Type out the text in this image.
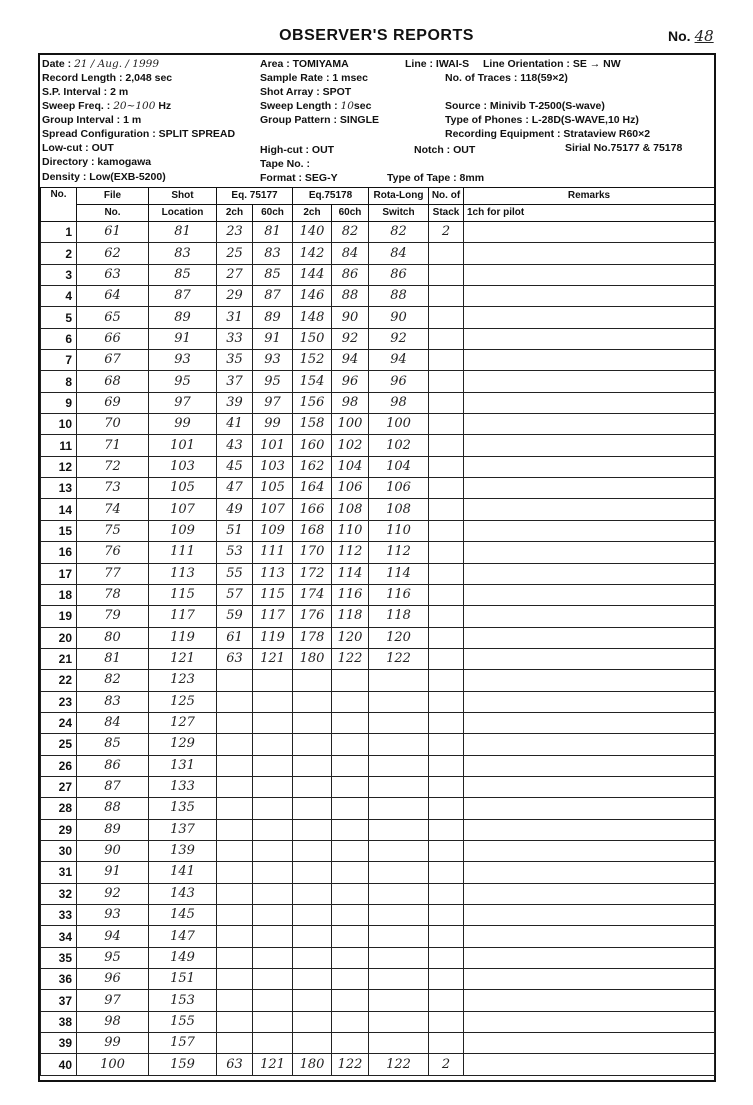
OBSERVER'S REPORTS	No. 48
Date : 21 / Aug. / 1999
Record Length : 2,048 sec
S.P. Interval : 2 m
Sweep Freq. : 20~100 Hz
Group Interval : 1 m
Spread Configuration : SPLIT SPREAD
Low-cut : OUT
Directory : kamogawa
Density : Low(EXB-5200)
Area : TOMIYAMA	Line : IWAI-S Line Orientation : SE → NW
Sample Rate : 1 msec	No. of Traces : 118(59×2)
Shot Array : SPOT
Sweep Length : 10sec	Source : Minivib T-2500(S-wave)
Group Pattern : SINGLE	Type of Phones : L-28D(S-WAVE,10 Hz)
Recording Equipment : Strataview R60×2
Sirial No.75177 & 75178
High-cut : OUT	Notch : OUT
Tape No. :
Format : SEG-Y	Type of Tape : 8mm
No.	File	Shot	Eq. 75177		Eq.75178		Rota-Long	No. of	Remarks
	No.	Location	2ch	60ch	2ch	60ch	Switch	Stack	1ch for pilot
1	61	81	23	81	140	82	82	2	
2	62	83	25	83	142	84	84		
3	63	85	27	85	144	86	86		
4	64	87	29	87	146	88	88		
5	65	89	31	89	148	90	90		
6	66	91	33	91	150	92	92		
7	67	93	35	93	152	94	94		
8	68	95	37	95	154	96	96		
9	69	97	39	97	156	98	98		
10	70	99	41	99	158	100	100		
11	71	101	43	101	160	102	102		
12	72	103	45	103	162	104	104		
13	73	105	47	105	164	106	106		
14	74	107	49	107	166	108	108		
15	75	109	51	109	168	110	110		
16	76	111	53	111	170	112	112		
17	77	113	55	113	172	114	114		
18	78	115	57	115	174	116	116		
19	79	117	59	117	176	118	118		
20	80	119	61	119	178	120	120		
21	81	121	63	121	180	122	122		
22	82	123							
23	83	125							
24	84	127							
25	85	129							
26	86	131							
27	87	133							
28	88	135							
29	89	137							
30	90	139							
31	91	141							
32	92	143							
33	93	145							
34	94	147							
35	95	149							
36	96	151							
37	97	153							
38	98	155							
39	99	157							
40	100	159	63	121	180	122	122	2	
